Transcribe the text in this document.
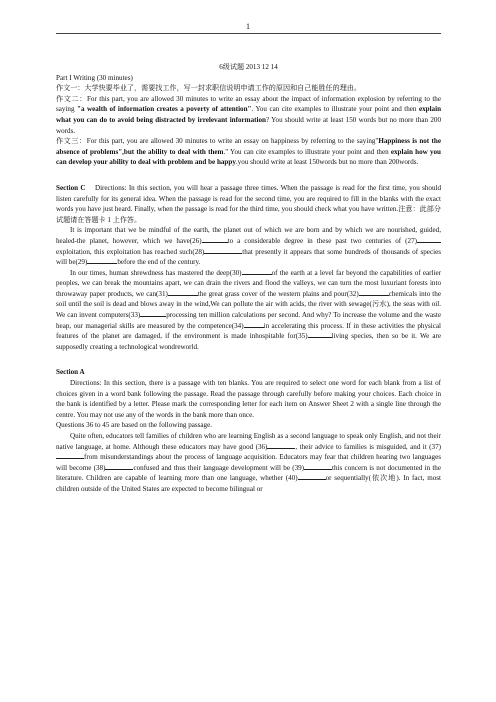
1

6级试题 2013 12 14

Part I Writing (30 minutes)

作文一：大学快要毕业了，需要找工作，写一封求职信说明申请工作的原因和自己能胜任的理由。

作文二：For this part, you are allowed 30 minutes to write an essay about the impact of information explosion by referring to the saying "a wealth of information creates a poverty of attention". You can cite examples to illustrate your point and then explain what you can do to avoid being distracted by irrelevant information? You should write at least 150 words but no more than 200 words.

作文三：For this part, you are allowed 30 minutes to write an essay on happiness by referring to the saying"Happiness is not the absence of problems",but the ability to deal with them." You can cite examples to illustrate your point and then explain how you can develop your ability to deal with problem and be happy.you should write at least 150words but no more than 200words.

Section C Directions: In this section, you will hear a passage three times. When the passage is read for the first time, you should listen carefully for its general idea. When the passage is read for the second time, you are required to fill in the blanks with the exact words you have just heard. Finally, when the passage is read for the third time, you should check what you have written.注意：此部分试题请在答题卡 1 上作答。

It is important that we be mindful of the earth, the planet out of which we are born and by which we are nourished, guided, healed-the planet, however, which we have(26)	to a considerable degree in these past two centuries of (27)exploitation, this exploitation has reached such(28)	that presently it appears that some hundreds of thousands of species will be(29)	before the end of the century.

In our times, human shrewdness has mastered the deep(30)	of the earth at a level far beyond the capabilities of earlier peoples, we can break the mountains apart, we can drain the rivers and flood the valleys, we can turn the most luxuriant forests into throwaway paper products, we can(31)	the great grass cover of the western plains and pour(32)	chemicals into the soil until the soil is dead and blows away in the wind,We can pollute the air with acids, the river with sewage(污水), the seas with oil. We can invent computers(33)	processing ten million calculations per second. And why? To increase the volume and the waste heap, our managerial skills are measured by the competence(34)	in accelerating this process. If in these activities the physical features of the planet are damaged, if the environment is made inhospitable for(35)	living species, then so be it. We are supposedly creating a technological wondreworld.

Section A

Directions: In this section, there is a passage with ten blanks. You are required to select one word for each blank from a list of choices given in a word bank following the passage. Read the passage through carefully before making your choices. Each choice in the bank is identified by a letter. Please mark the corresponding letter for each item on Answer Sheet 2 with a single line through the centre. You may not use any of the words in the bank more than once.

Questions 36 to 45 are based on the following passage.

Quite often, educators tell families of children who are learning English as a second language to speak only English, and not their native language, at home. Although these educators may have good (36)	, their advice to families is misguided, and it (37)from misunderstandings about the process of language acquisition. Educators may fear that children hearing two languages will become (38)	confused and thus their language development will be (39)	this concern is not documented in the literature. Children are capable of learning more than one language, whether (40)	or sequentially(依次地). In fact, most children outside of the United States are expected to become bilingual or
